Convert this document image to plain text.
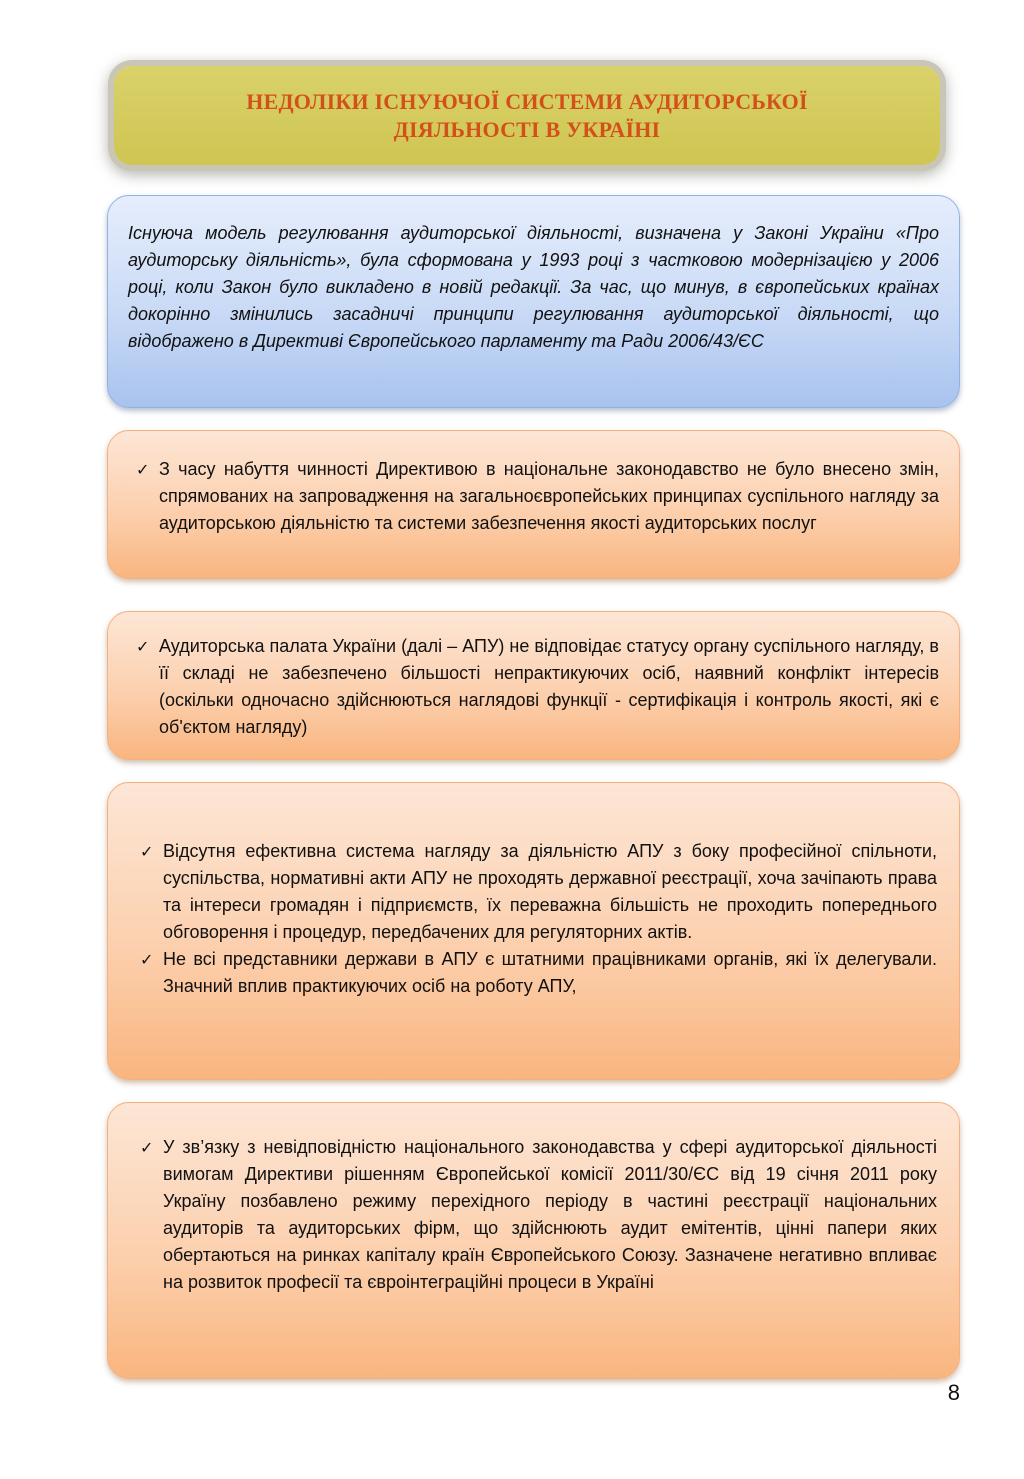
НЕДОЛІКИ ІСНУЮЧОЇ СИСТЕМИ АУДИТОРСЬКОЇ
ДІЯЛЬНОСТІ В УКРАЇНІ

Існуюча модель регулювання аудиторської діяльності, визначена у Законі України «Про аудиторську діяльність», була сформована у 1993 році з частковою модернізацією у 2006 році, коли Закон було викладено в новій редакції. За час, що минув, в європейських країнах докорінно змінились засадничі принципи регулювання аудиторської діяльності, що відображено в Директиві Європейського парламенту та Ради 2006/43/ЄС

✓ З часу набуття чинності Директивою в національне законодавство не було внесено змін, спрямованих на запровадження на загальноєвропейських принципах суспільного нагляду за аудиторською діяльністю та системи забезпечення якості аудиторських послуг
✓ Аудиторська палата України (далі – АПУ) не відповідає статусу органу суспільного нагляду, в її складі не забезпечено більшості непрактикуючих осіб, наявний конфлікт інтересів (оскільки одночасно здійснюються наглядові функції - сертифікація і контроль якості, які є об'єктом нагляду)
✓ Відсутня ефективна система нагляду за діяльністю АПУ з боку професійної спільноти, суспільства, нормативні акти АПУ не проходять державної реєстрації, хоча зачіпають права та інтереси громадян і підприємств, їх переважна більшість не проходить попереднього обговорення і процедур, передбачених для регуляторних актів.
✓ Не всі представники держави в АПУ є штатними працівниками органів, які їх делегували. Значний вплив практикуючих осіб на роботу АПУ,
✓ У зв’язку з невідповідністю національного законодавства у сфері аудиторської діяльності вимогам Директиви рішенням Європейської комісії 2011/30/ЄС від 19 січня 2011 року Україну позбавлено режиму перехідного періоду в частині реєстрації національних аудиторів та аудиторських фірм, що здійснюють аудит емітентів, цінні папери яких обертаються на ринках капіталу країн Європейського Союзу. Зазначене негативно впливає на розвиток професії та євроінтеграційні процеси в Україні
8
